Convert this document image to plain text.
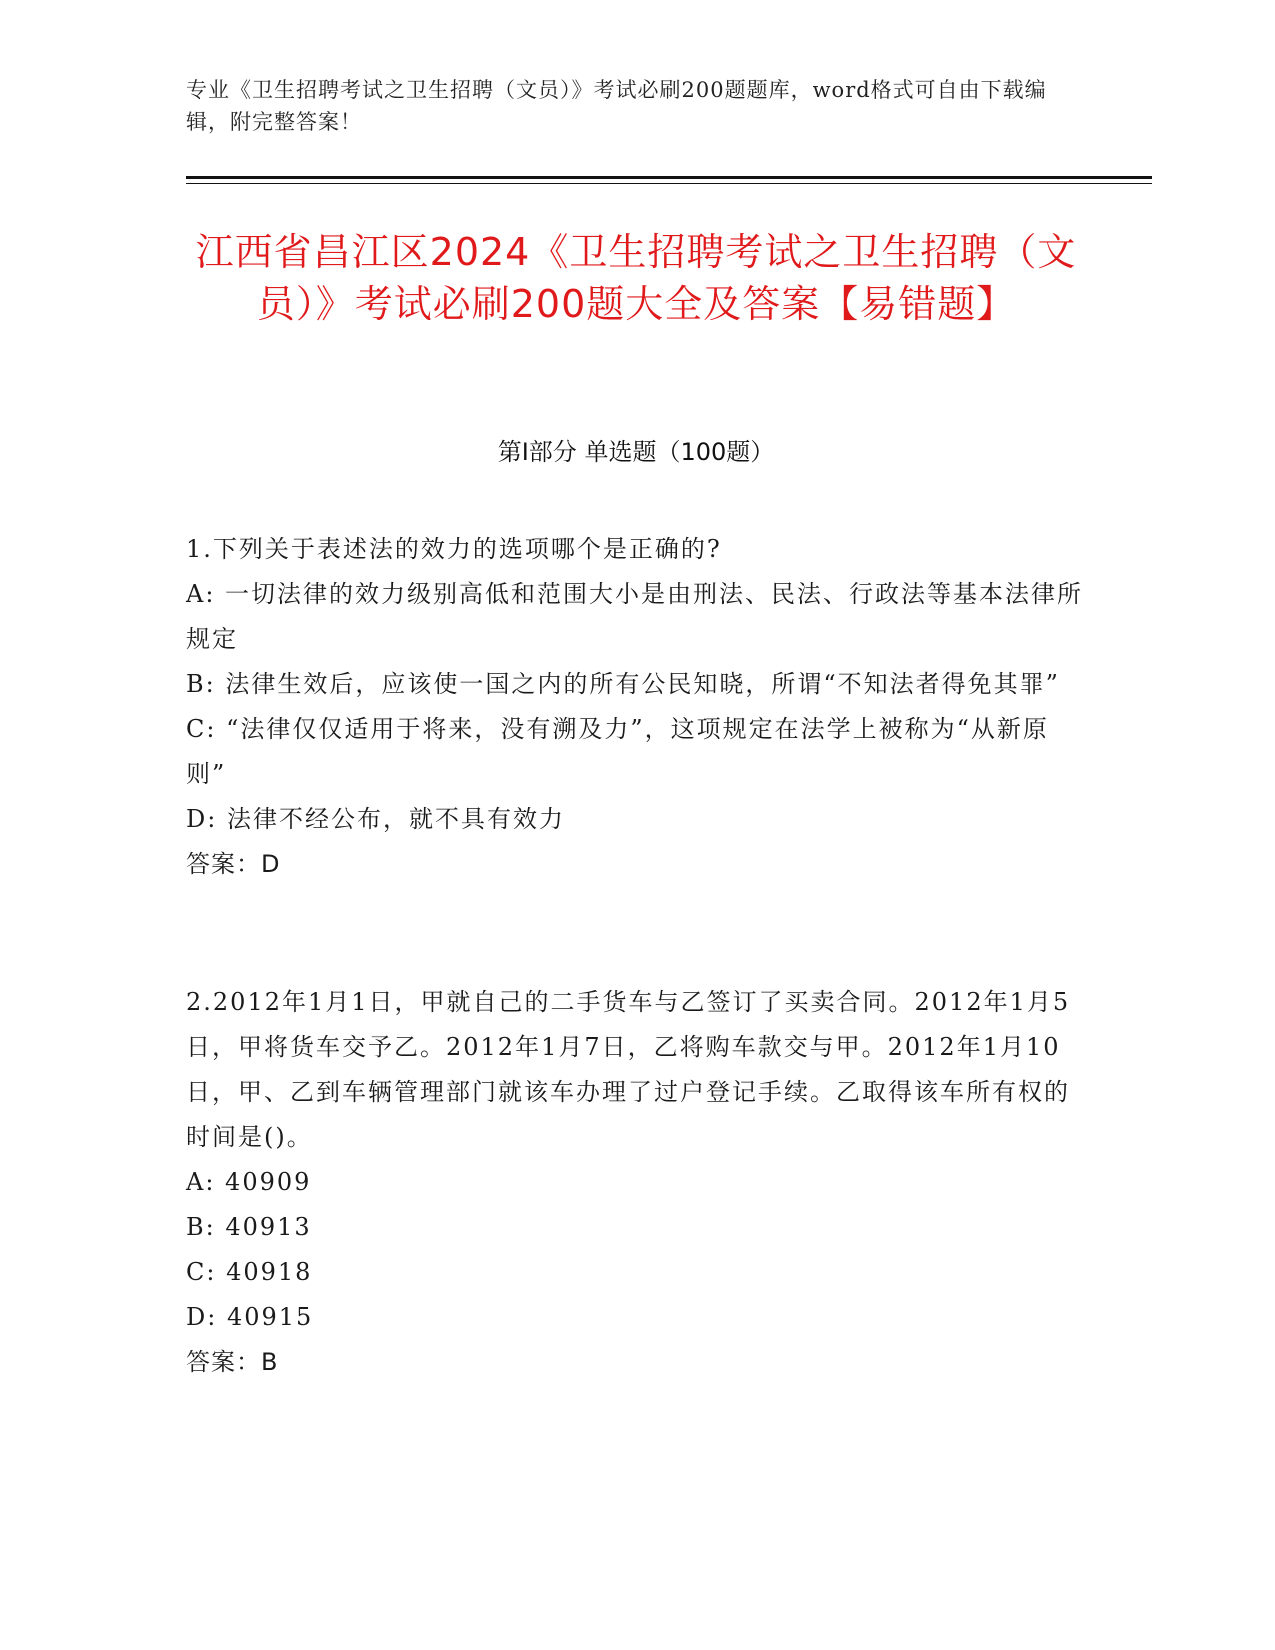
专业《卫生招聘考试之卫生招聘（文员）》考试必刷200题题库，word格式可自由下载编辑，附完整答案！
江西省昌江区2024《卫生招聘考试之卫生招聘（文员）》考试必刷200题大全及答案【易错题】
第I部分 单选题（100题）
1.下列关于表述法的效力的选项哪个是正确的?
A: 一切法律的效力级别高低和范围大小是由刑法、民法、行政法等基本法律所规定
B: 法律生效后，应该使一国之内的所有公民知晓，所谓“不知法者得免其罪”
C: “法律仅仅适用于将来，没有溯及力”，这项规定在法学上被称为“从新原则”
D: 法律不经公布，就不具有效力
答案：D
2.2012年1月1日，甲就自己的二手货车与乙签订了买卖合同。2012年1月5日，甲将货车交予乙。2012年1月7日，乙将购车款交与甲。2012年1月10日，甲、乙到车辆管理部门就该车办理了过户登记手续。乙取得该车所有权的时间是()。
A: 40909
B: 40913
C: 40918
D: 40915
答案：B
